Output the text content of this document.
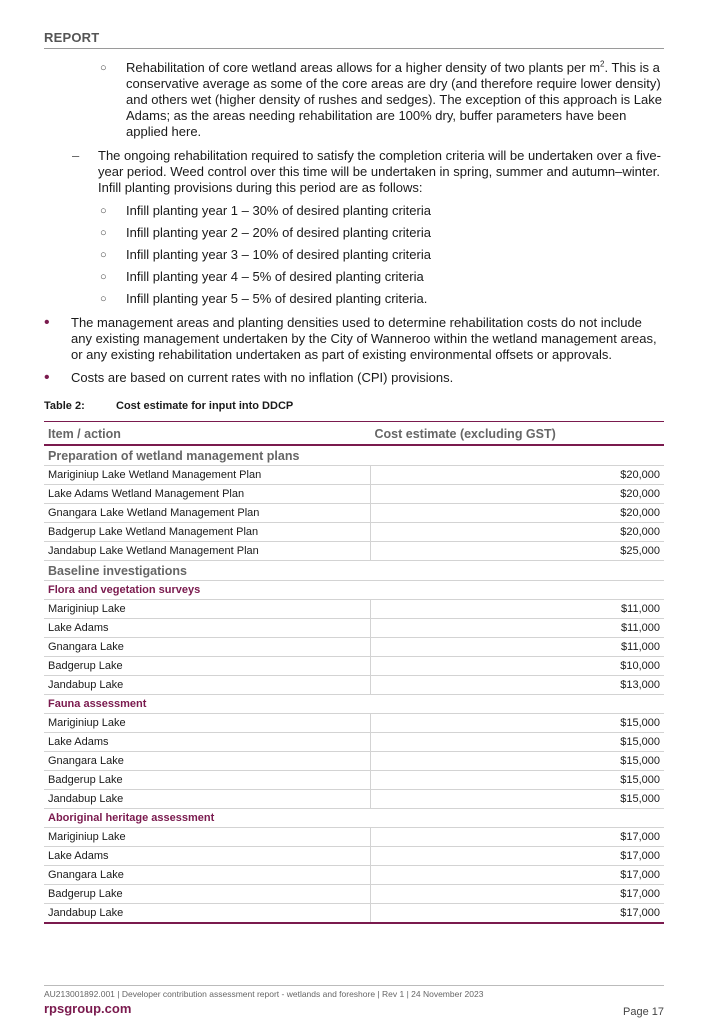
REPORT
○ Rehabilitation of core wetland areas allows for a higher density of two plants per $m^2$. This is a conservative average as some of the core areas are dry (and therefore require lower density) and others wet (higher density of rushes and sedges). The exception of this approach is Lake Adams; as the areas needing rehabilitation are 100% dry, buffer parameters have been applied here.
– The ongoing rehabilitation required to satisfy the completion criteria will be undertaken over a five-year period. Weed control over this time will be undertaken in spring, summer and autumn–winter. Infill planting provisions during this period are as follows:
○ Infill planting year 1 – 30% of desired planting criteria
○ Infill planting year 2 – 20% of desired planting criteria
○ Infill planting year 3 – 10% of desired planting criteria
○ Infill planting year 4 – 5% of desired planting criteria
○ Infill planting year 5 – 5% of desired planting criteria.
• The management areas and planting densities used to determine rehabilitation costs do not include any existing management undertaken by the City of Wanneroo within the wetland management areas, or any existing rehabilitation undertaken as part of existing environmental offsets or approvals.
• Costs are based on current rates with no inflation (CPI) provisions.
Table 2:	Cost estimate for input into DDCP
Item / action	Cost estimate (excluding GST)
Preparation of wetland management plans	
Mariginiup Lake Wetland Management Plan	$20,000
Lake Adams Wetland Management Plan	$20,000
Gnangara Lake Wetland Management Plan	$20,000
Badgerup Lake Wetland Management Plan	$20,000
Jandabup Lake Wetland Management Plan	$25,000
Baseline investigations	
Flora and vegetation surveys	
Mariginiup Lake	$11,000
Lake Adams	$11,000
Gnangara Lake	$11,000
Badgerup Lake	$10,000
Jandabup Lake	$13,000
Fauna assessment	
Mariginiup Lake	$15,000
Lake Adams	$15,000
Gnangara Lake	$15,000
Badgerup Lake	$15,000
Jandabup Lake	$15,000
Aboriginal heritage assessment	
Mariginiup Lake	$17,000
Lake Adams	$17,000
Gnangara Lake	$17,000
Badgerup Lake	$17,000
Jandabup Lake	$17,000
AU213001892.001 | Developer contribution assessment report - wetlands and foreshore | Rev 1 | 24 November 2023
rpsgroup.com	Page 17
